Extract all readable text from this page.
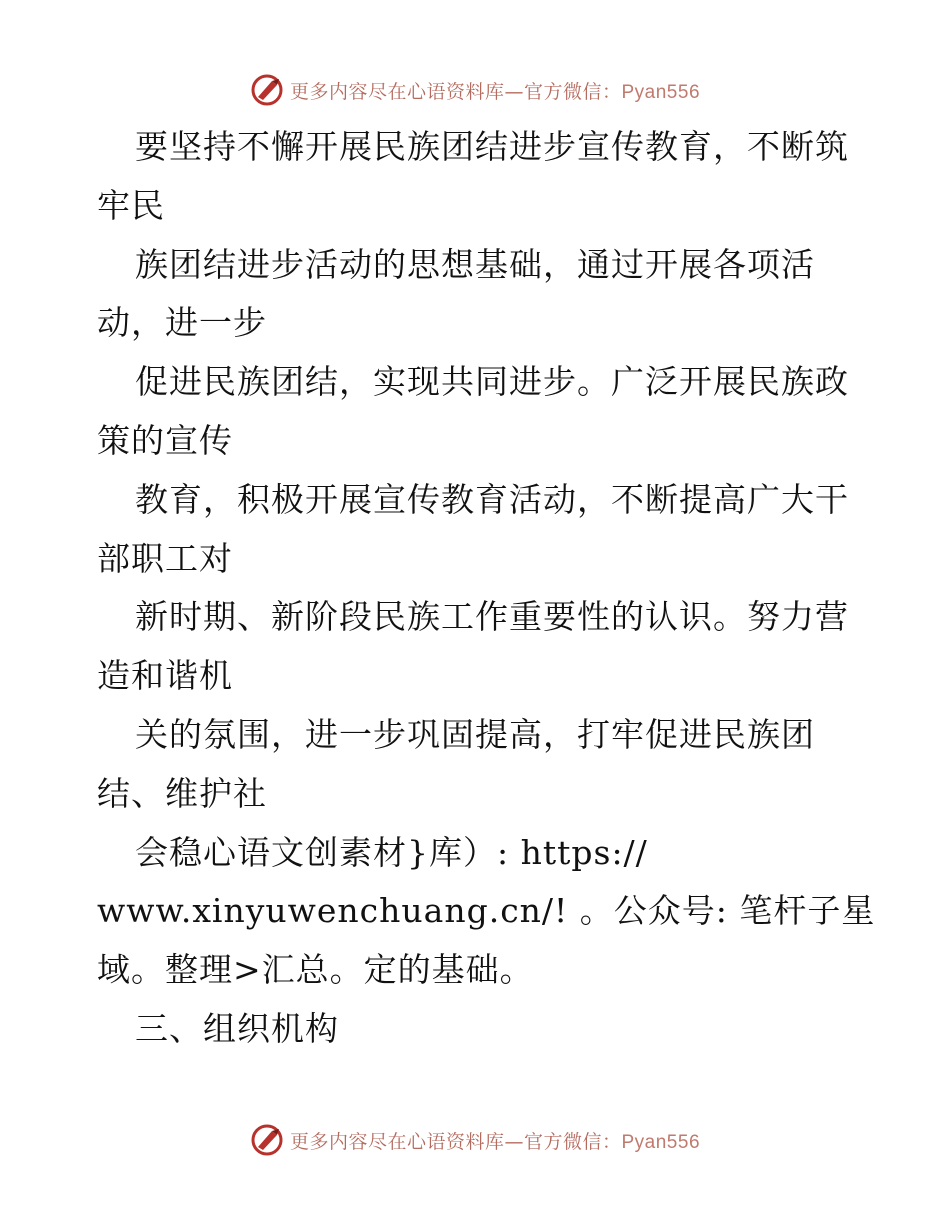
更多内容尽在心语资料库—官方微信：Pyan556
要坚持不懈开展民族团结进步宣传教育，不断筑
牢民
族团结进步活动的思想基础，通过开展各项活
动，进一步
促进民族团结，实现共同进步。广泛开展民族政
策的宣传
教育，积极开展宣传教育活动，不断提高广大干
部职工对
新时期、新阶段民族工作重要性的认识。努力营
造和谐机
关的氛围，进一步巩固提高，打牢促进民族团
结、维护社
会稳心语文创素材}库）: https://
www.xinyuwenchuang.cn/! 。公众号: 笔杆子星
域。整理>汇总。定的基础。
三、组织机构
更多内容尽在心语资料库—官方微信：Pyan556
